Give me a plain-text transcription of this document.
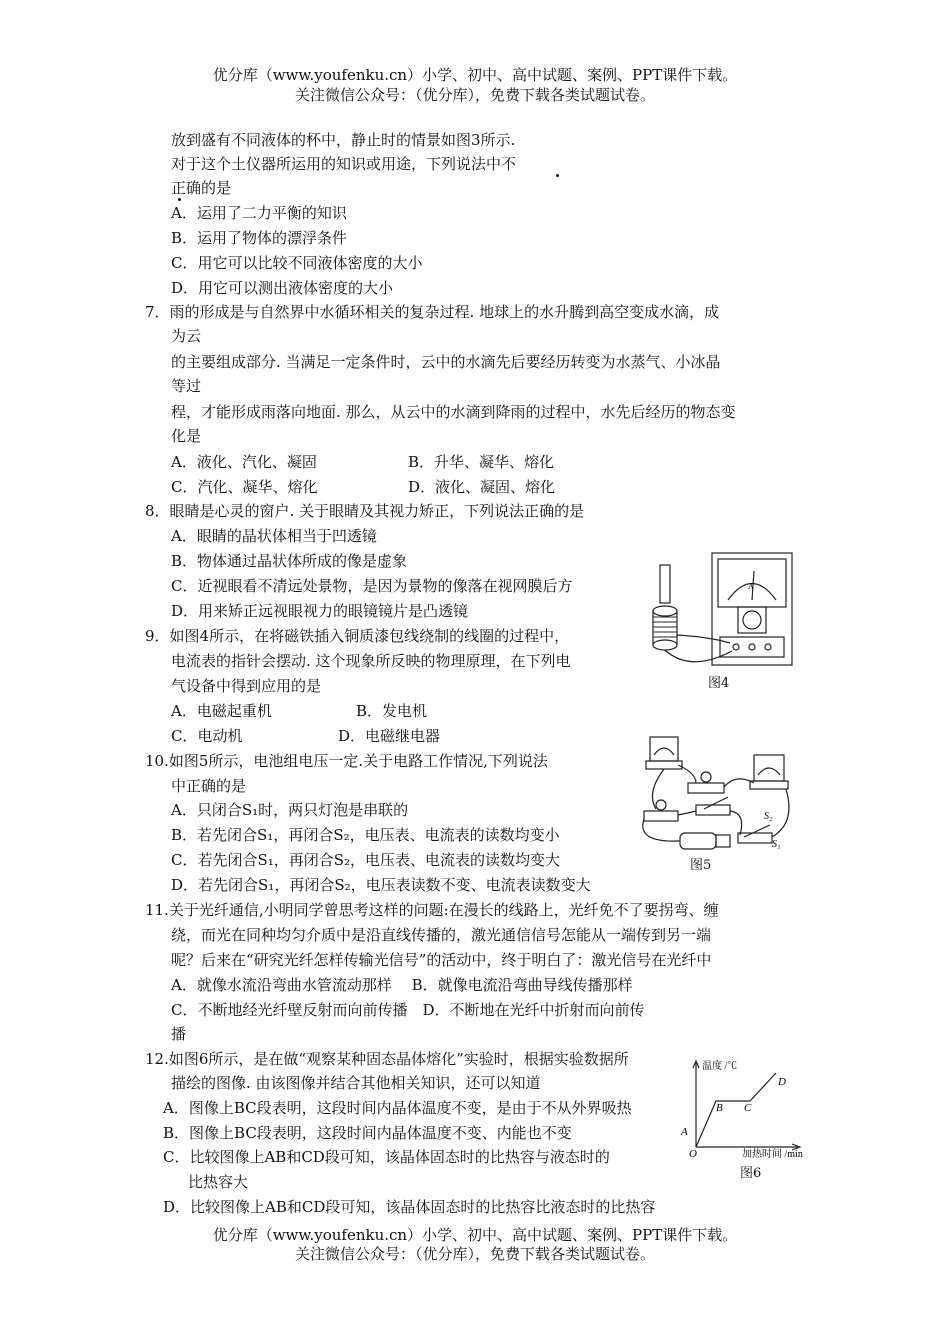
优分库（www.youfenku.cn）小学、初中、高中试题、案例、PPT课件下载。
关注微信公众号：（优分库），免费下载各类试题试卷。
放到盛有不同液体的杯中，静止时的情景如图3所示.
对于这个土仪器所运用的知识或用途，下列说法中不
正确的是
A．运用了二力平衡的知识
B．运用了物体的漂浮条件
C．用它可以比较不同液体密度的大小
D．用它可以测出液体密度的大小
7．雨的形成是与自然界中水循环相关的复杂过程. 地球上的水升腾到高空变成水滴，成
为云
的主要组成部分. 当满足一定条件时，云中的水滴先后要经历转变为水蒸气、小冰晶
等过
程，才能形成雨落向地面. 那么，从云中的水滴到降雨的过程中，水先后经历的物态变
化是
A．液化、汽化、凝固	B．升华、凝华、熔化
C．汽化、凝华、熔化	D．液化、凝固、熔化
8．眼睛是心灵的窗户. 关于眼睛及其视力矫正，下列说法正确的是
A．眼睛的晶状体相当于凹透镜
B．物体通过晶状体所成的像是虚象
C．近视眼看不清远处景物，是因为景物的像落在视网膜后方
D．用来矫正远视眼视力的眼镜镜片是凸透镜
A
图4
9．如图4所示，在将磁铁插入铜质漆包线绕制的线圈的过程中，
电流表的指针会摆动. 这个现象所反映的物理原理，在下列电
气设备中得到应用的是
A．电磁起重机	B．发电机
C．电动机	D．电磁继电器
10.如图5所示，电池组电压一定.关于电路工作情况,下列说法
中正确的是
A．只闭合S₁时，两只灯泡是串联的
B．若先闭合S₁，再闭合S₂，电压表、电流表的读数均变小
C．若先闭合S₁，再闭合S₂，电压表、电流表的读数均变大
D．若先闭合S₁，再闭合S₂，电压表读数不变、电流表读数变大
S₂
S₁
图5
11.关于光纤通信,小明同学曾思考这样的问题:在漫长的线路上，光纤免不了要拐弯、缠
绕，而光在同种均匀介质中是沿直线传播的，激光通信信号怎能从一端传到另一端
呢？后来在“研究光纤怎样传输光信号”的活动中，终于明白了：激光信号在光纤中
A．就像水流沿弯曲水管流动那样　 B．就像电流沿弯曲导线传播那样
C．不断地经光纤壁反射而向前传播　D．不断地在光纤中折射而向前传
播
12.如图6所示，是在做“观察某种固态晶体熔化”实验时，根据实验数据所
描绘的图像. 由该图像并结合其他相关知识，还可以知道
A．图像上BC段表明，这段时间内晶体温度不变，是由于不从外界吸热
B．图像上BC段表明，这段时间内晶体温度不变、内能也不变
C．比较图像上AB和CD段可知，该晶体固态时的比热容与液态时的
比热容大
D．比较图像上AB和CD段可知，该晶体固态时的比热容比液态时的比热容
温度 /℃
加热时间 /min
O
A
B C
D
图6
优分库（www.youfenku.cn）小学、初中、高中试题、案例、PPT课件下载。
关注微信公众号：（优分库），免费下载各类试题试卷。
